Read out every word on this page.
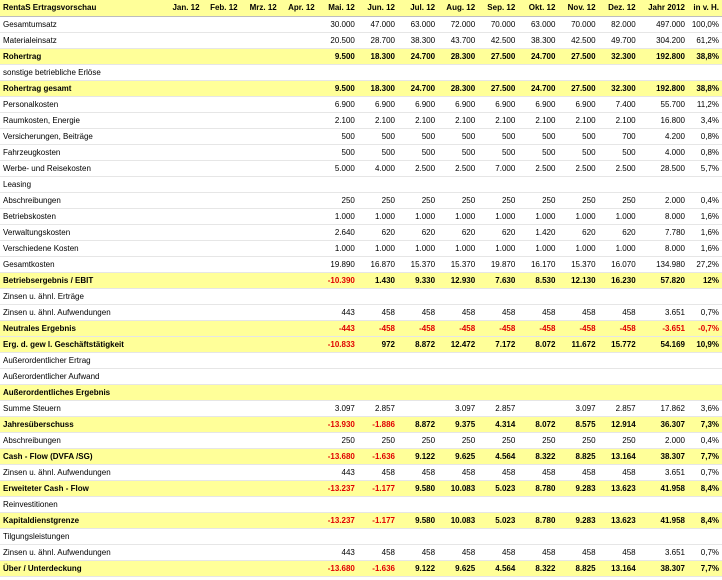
RentaS Ertragsvorschau	Jan. 12	Feb. 12	Mrz. 12	Apr. 12	Mai. 12	Jun. 12	Jul. 12	Aug. 12	Sep. 12	Okt. 12	Nov. 12	Dez. 12	Jahr 2012	in v. H.
Gesamtumsatz					30.000	47.000	63.000	72.000	70.000	63.000	70.000	82.000	497.000	100,0%
Materialeinsatz					20.500	28.700	38.300	43.700	42.500	38.300	42.500	49.700	304.200	61,2%
Rohertrag					9.500	18.300	24.700	28.300	27.500	24.700	27.500	32.300	192.800	38,8%
sonstige betriebliche Erlöse														
Rohertrag gesamt					9.500	18.300	24.700	28.300	27.500	24.700	27.500	32.300	192.800	38,8%
Personalkosten					6.900	6.900	6.900	6.900	6.900	6.900	6.900	7.400	55.700	11,2%
Raumkosten, Energie					2.100	2.100	2.100	2.100	2.100	2.100	2.100	2.100	16.800	3,4%
Versicherungen, Beiträge					500	500	500	500	500	500	500	700	4.200	0,8%
Fahrzeugkosten					500	500	500	500	500	500	500	500	4.000	0,8%
Werbe- und Reisekosten					5.000	4.000	2.500	2.500	7.000	2.500	2.500	2.500	28.500	5,7%
Leasing														
Abschreibungen					250	250	250	250	250	250	250	250	2.000	0,4%
Betriebskosten					1.000	1.000	1.000	1.000	1.000	1.000	1.000	1.000	8.000	1,6%
Verwaltungskosten					2.640	620	620	620	620	1.420	620	620	7.780	1,6%
Verschiedene Kosten					1.000	1.000	1.000	1.000	1.000	1.000	1.000	1.000	8.000	1,6%
Gesamtkosten					19.890	16.870	15.370	15.370	19.870	16.170	15.370	16.070	134.980	27,2%
Betriebsergebnis / EBIT					-10.390	1.430	9.330	12.930	7.630	8.530	12.130	16.230	57.820	12%
Zinsen u. ähnl. Erträge														
Zinsen u. ähnl. Aufwendungen					443	458	458	458	458	458	458	458	3.651	0,7%
Neutrales Ergebnis					-443	-458	-458	-458	-458	-458	-458	-458	-3.651	-0,7%
Erg. d. gew l. Geschäftstätigkeit					-10.833	972	8.872	12.472	7.172	8.072	11.672	15.772	54.169	10,9%
Außerordentlicher Ertrag														
Außerordentlicher Aufwand														
Außerordentliches Ergebnis														
Summe Steuern					3.097	2.857		3.097	2.857		3.097	2.857	17.862	3,6%
Jahresüberschuss					-13.930	-1.886	8.872	9.375	4.314	8.072	8.575	12.914	36.307	7,3%
Abschreibungen					250	250	250	250	250	250	250	250	2.000	0,4%
Cash - Flow (DVFA /SG)					-13.680	-1.636	9.122	9.625	4.564	8.322	8.825	13.164	38.307	7,7%
Zinsen u. ähnl. Aufwendungen					443	458	458	458	458	458	458	458	3.651	0,7%
Erweiteter Cash - Flow					-13.237	-1.177	9.580	10.083	5.023	8.780	9.283	13.623	41.958	8,4%
Reinvestitionen														
Kapitaldienstgrenze					-13.237	-1.177	9.580	10.083	5.023	8.780	9.283	13.623	41.958	8,4%
Tilgungsleistungen														
Zinsen u. ähnl. Aufwendungen					443	458	458	458	458	458	458	458	3.651	0,7%
Über / Unterdeckung					-13.680	-1.636	9.122	9.625	4.564	8.322	8.825	13.164	38.307	7,7%
